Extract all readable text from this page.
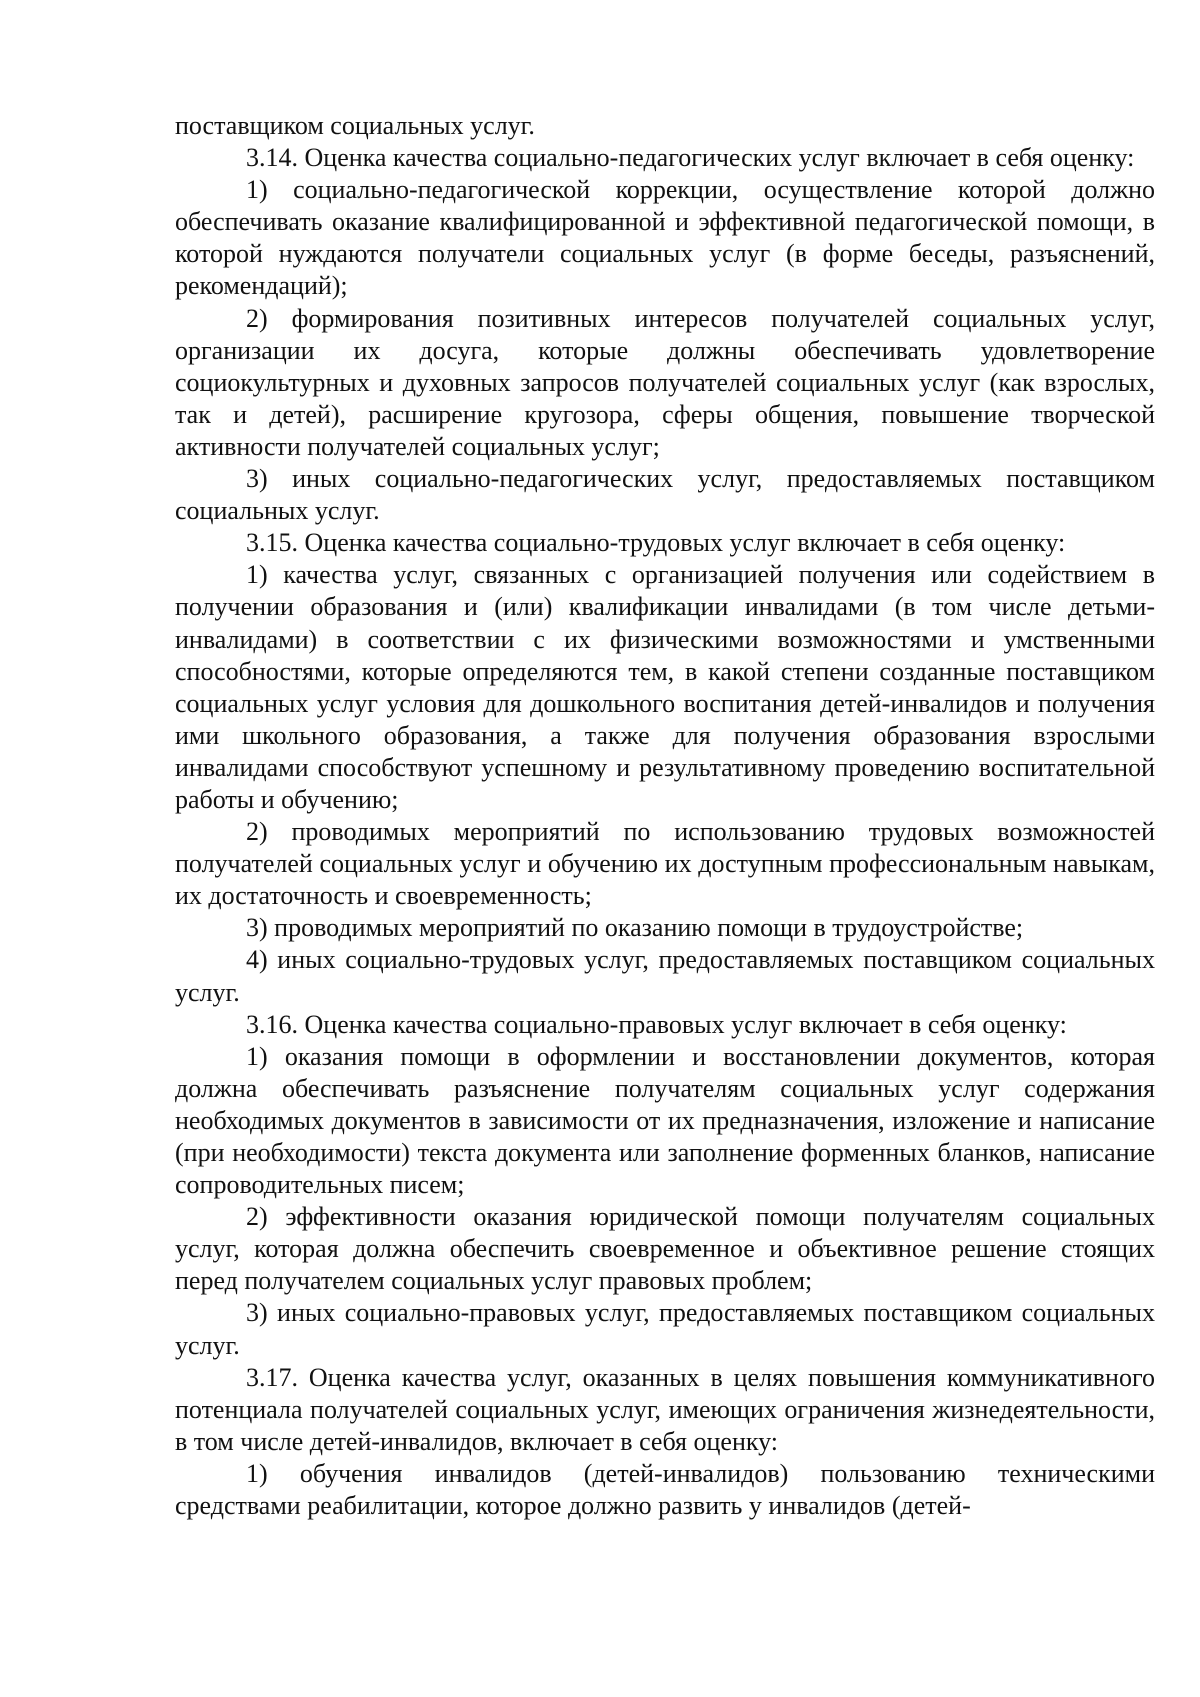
поставщиком социальных услуг.

3.14. Оценка качества социально-педагогических услуг включает в себя оценку:

1) социально-педагогической коррекции, осуществление которой должно обеспечивать оказание квалифицированной и эффективной педагогической помощи, в которой нуждаются получатели социальных услуг (в форме беседы, разъяснений, рекомендаций);

2) формирования позитивных интересов получателей социальных услуг, организации их досуга, которые должны обеспечивать удовлетворение социокультурных и духовных запросов получателей социальных услуг (как взрослых, так и детей), расширение кругозора, сферы общения, повышение творческой активности получателей социальных услуг;

3) иных социально-педагогических услуг, предоставляемых поставщиком социальных услуг.

3.15. Оценка качества социально-трудовых услуг включает в себя оценку:

1) качества услуг, связанных с организацией получения или содействием в получении образования и (или) квалификации инвалидами (в том числе детьми-инвалидами) в соответствии с их физическими возможностями и умственными способностями, которые определяются тем, в какой степени созданные поставщиком социальных услуг условия для дошкольного воспитания детей-инвалидов и получения ими школьного образования, а также для получения образования взрослыми инвалидами способствуют успешному и результативному проведению воспитательной работы и обучению;

2) проводимых мероприятий по использованию трудовых возможностей получателей социальных услуг и обучению их доступным профессиональным навыкам, их достаточность и своевременность;

3) проводимых мероприятий по оказанию помощи в трудоустройстве;

4) иных социально-трудовых услуг, предоставляемых поставщиком социальных услуг.

3.16. Оценка качества социально-правовых услуг включает в себя оценку:

1) оказания помощи в оформлении и восстановлении документов, которая должна обеспечивать разъяснение получателям социальных услуг содержания необходимых документов в зависимости от их предназначения, изложение и написание (при необходимости) текста документа или заполнение форменных бланков, написание сопроводительных писем;

2) эффективности оказания юридической помощи получателям социальных услуг, которая должна обеспечить своевременное и объективное решение стоящих перед получателем социальных услуг правовых проблем;

3) иных социально-правовых услуг, предоставляемых поставщиком социальных услуг.

3.17. Оценка качества услуг, оказанных в целях повышения коммуникативного потенциала получателей социальных услуг, имеющих ограничения жизнедеятельности, в том числе детей-инвалидов, включает в себя оценку:

1) обучения инвалидов (детей-инвалидов) пользованию техническими средствами реабилитации, которое должно развить у инвалидов (детей-
